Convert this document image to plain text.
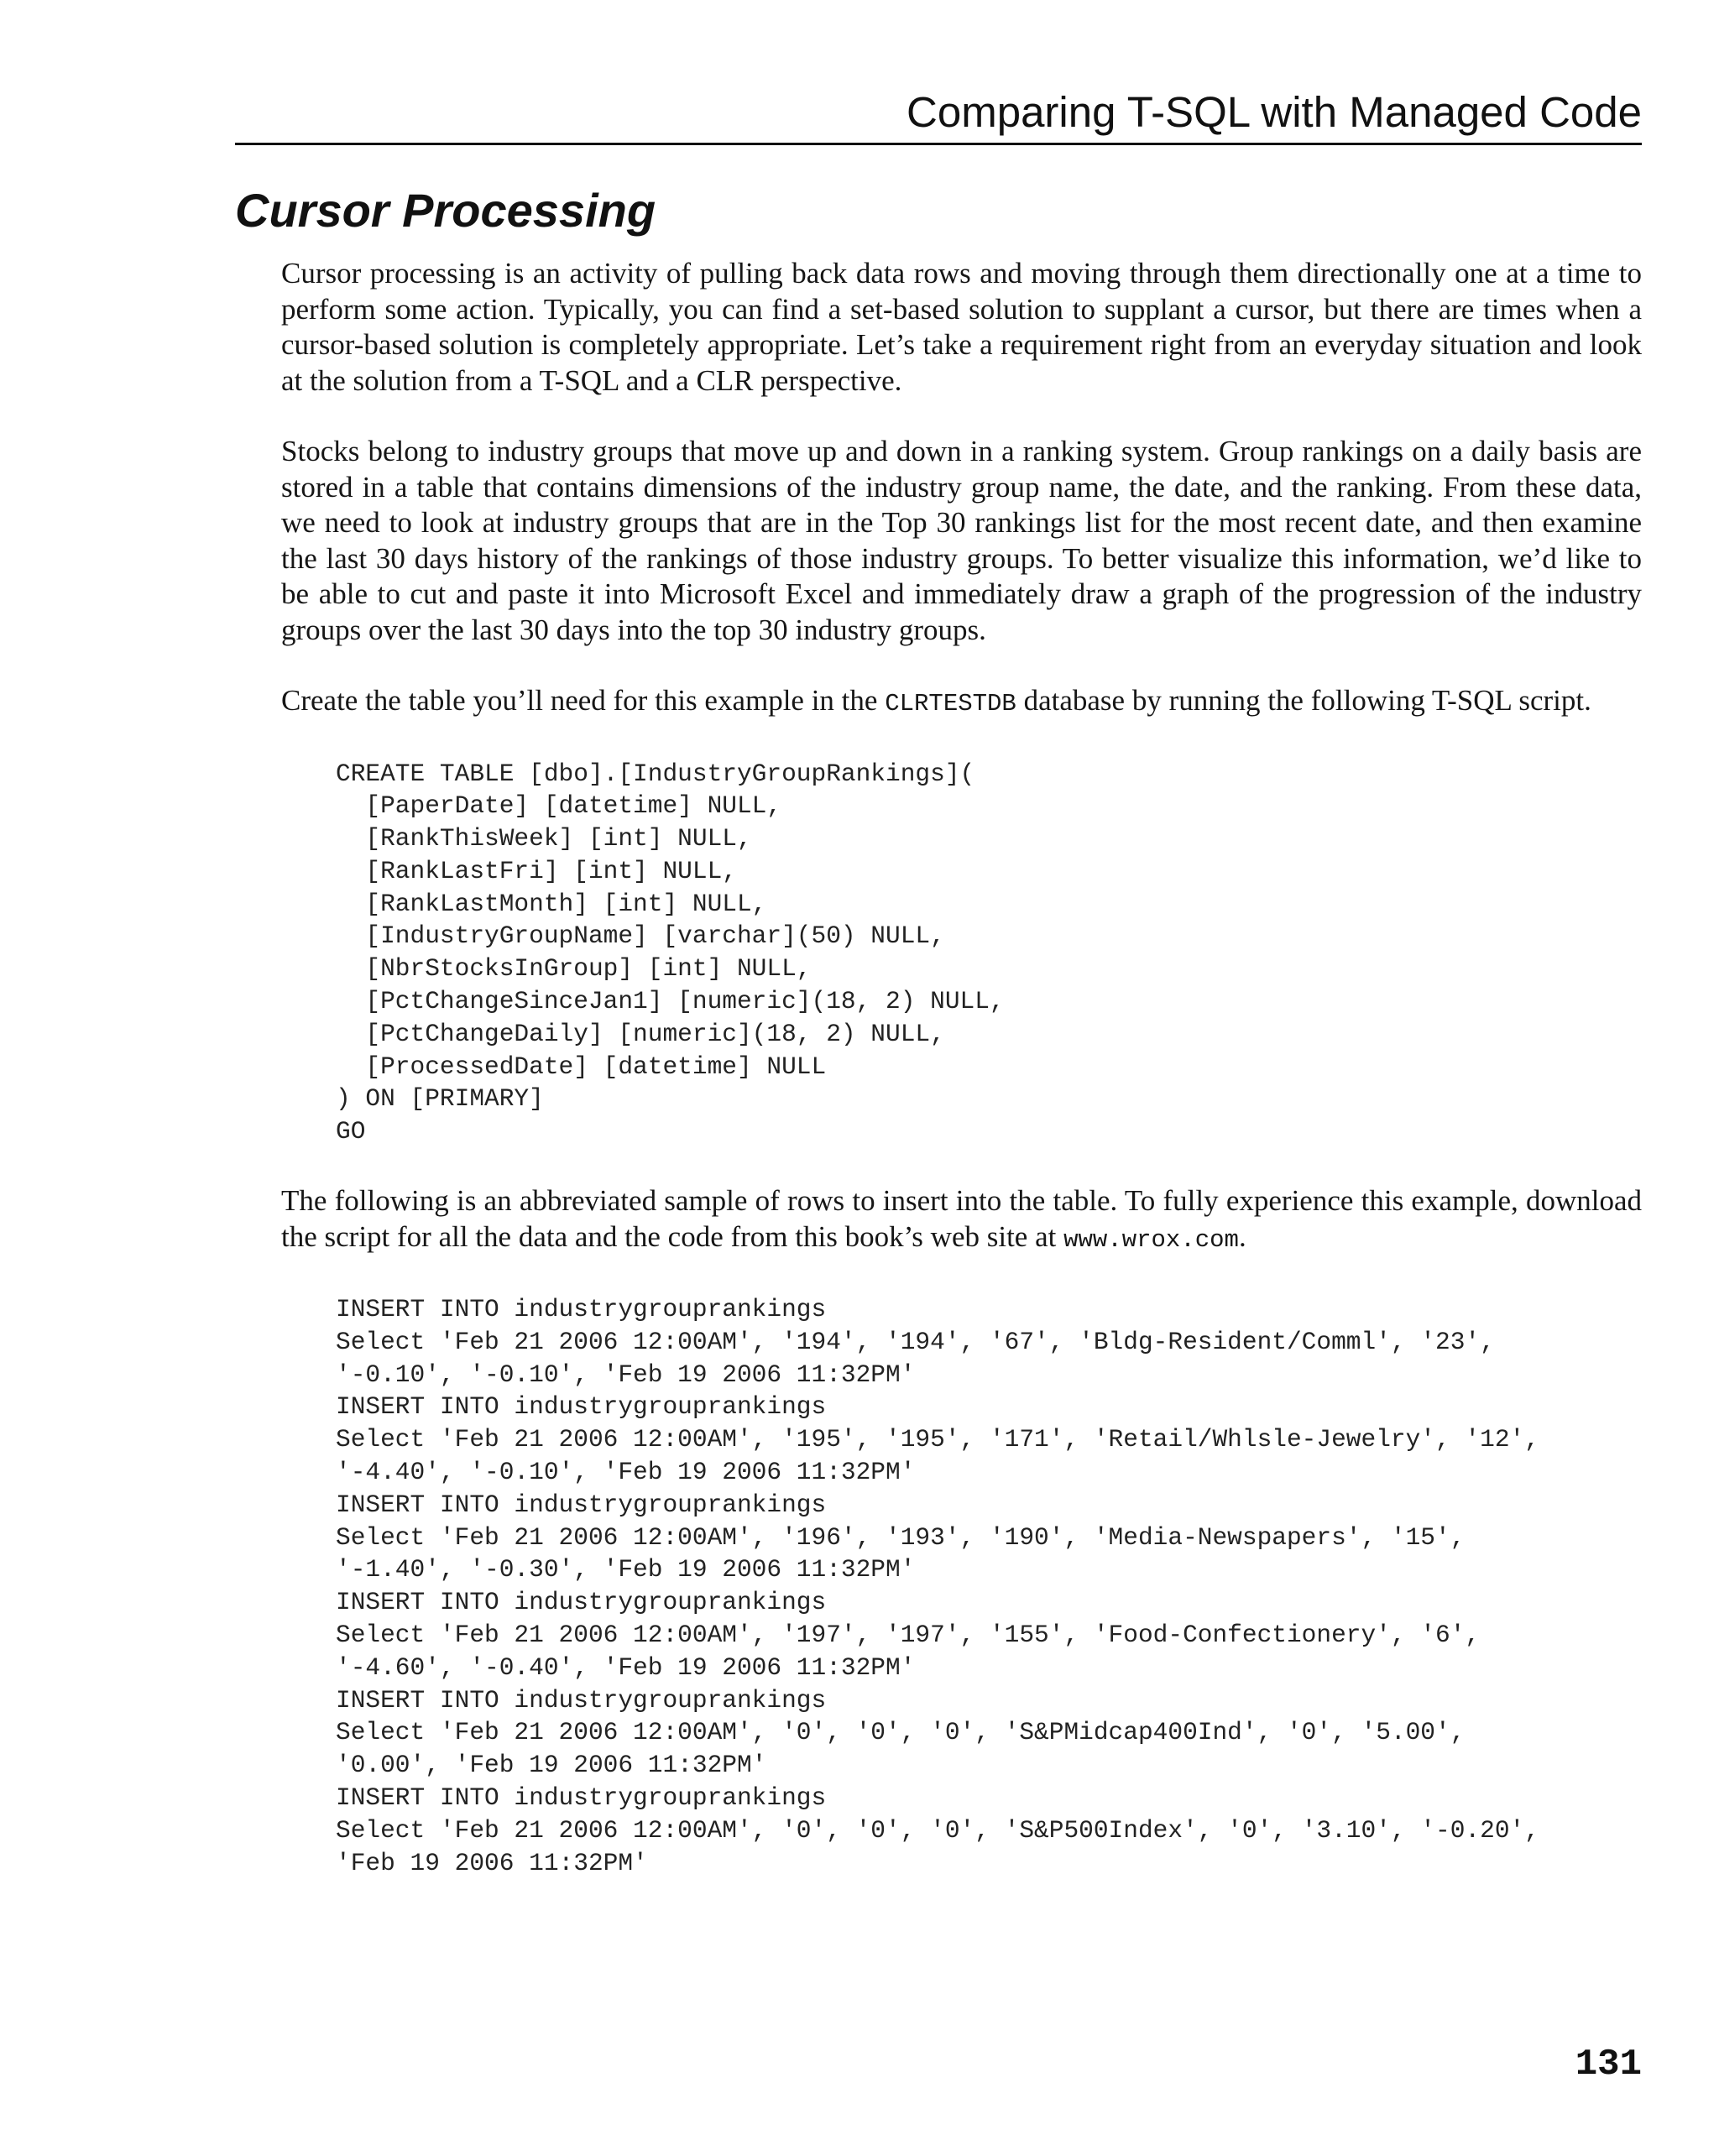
Comparing T-SQL with Managed Code
Cursor Processing

Cursor processing is an activity of pulling back data rows and moving through them directionally one at a time to perform some action. Typically, you can find a set-based solution to supplant a cursor, but there are times when a cursor-based solution is completely appropriate. Let’s take a requirement right from an everyday situation and look at the solution from a T-SQL and a CLR perspective.

Stocks belong to industry groups that move up and down in a ranking system. Group rankings on a daily basis are stored in a table that contains dimensions of the industry group name, the date, and the ranking. From these data, we need to look at industry groups that are in the Top 30 rankings list for the most recent date, and then examine the last 30 days history of the rankings of those industry groups. To better visualize this information, we’d like to be able to cut and paste it into Microsoft Excel and immediately draw a graph of the progression of the industry groups over the last 30 days into the top 30 industry groups.

Create the table you’ll need for this example in the CLRTESTDB database by running the following T-SQL script.

CREATE TABLE [dbo].[IndustryGroupRankings](
[PaperDate] [datetime] NULL,
[RankThisWeek] [int] NULL,
[RankLastFri] [int] NULL,
[RankLastMonth] [int] NULL,
[IndustryGroupName] [varchar](50) NULL,
[NbrStocksInGroup] [int] NULL,
[PctChangeSinceJan1] [numeric](18, 2) NULL,
[PctChangeDaily] [numeric](18, 2) NULL,
[ProcessedDate] [datetime] NULL
) ON [PRIMARY]
GO

The following is an abbreviated sample of rows to insert into the table. To fully experience this example, download the script for all the data and the code from this book’s web site at www.wrox.com.

INSERT INTO industrygrouprankings
Select 'Feb 21 2006 12:00AM', '194', '194', '67', 'Bldg-Resident/Comml', '23',
'-0.10', '-0.10', 'Feb 19 2006 11:32PM'
INSERT INTO industrygrouprankings
Select 'Feb 21 2006 12:00AM', '195', '195', '171', 'Retail/Whlsle-Jewelry', '12',
'-4.40', '-0.10', 'Feb 19 2006 11:32PM'
INSERT INTO industrygrouprankings
Select 'Feb 21 2006 12:00AM', '196', '193', '190', 'Media-Newspapers', '15',
'-1.40', '-0.30', 'Feb 19 2006 11:32PM'
INSERT INTO industrygrouprankings
Select 'Feb 21 2006 12:00AM', '197', '197', '155', 'Food-Confectionery', '6',
'-4.60', '-0.40', 'Feb 19 2006 11:32PM'
INSERT INTO industrygrouprankings
Select 'Feb 21 2006 12:00AM', '0', '0', '0', 'S&PMidcap400Ind', '0', '5.00',
'0.00', 'Feb 19 2006 11:32PM'
INSERT INTO industrygrouprankings
Select 'Feb 21 2006 12:00AM', '0', '0', '0', 'S&P500Index', '0', '3.10', '-0.20',
'Feb 19 2006 11:32PM'
131
